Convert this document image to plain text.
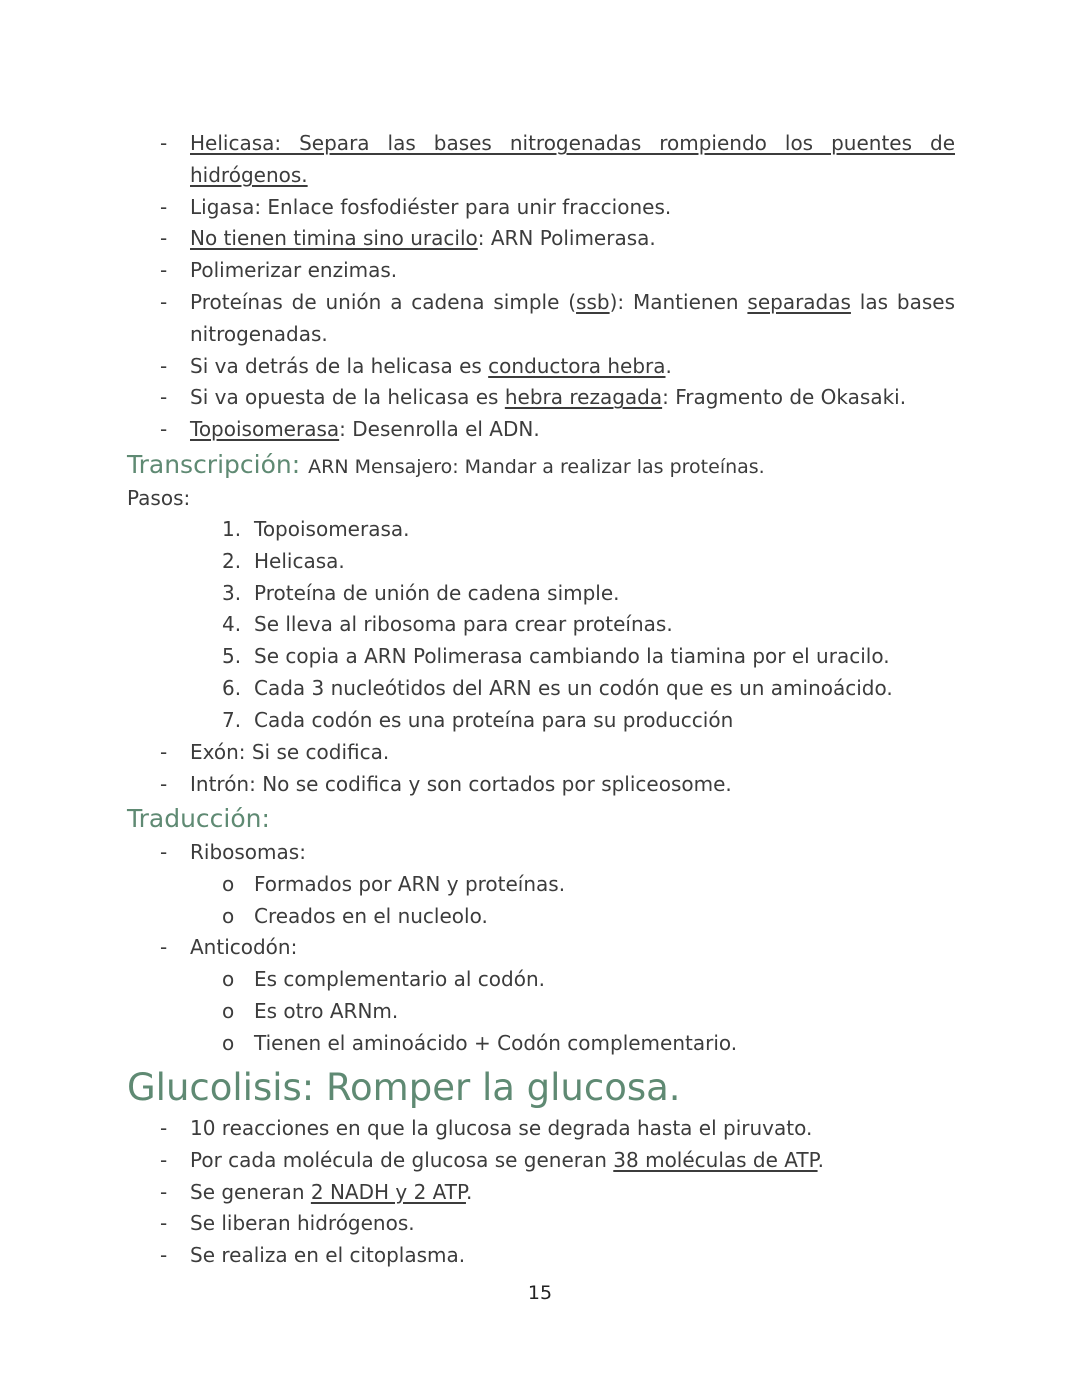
- Helicasa: Separa las bases nitrogenadas rompiendo los puentes de hidrógenos.
- Ligasa: Enlace fosfodiéster para unir fracciones.
- No tienen timina sino uracilo: ARN Polimerasa.
- Polimerizar enzimas.
- Proteínas de unión a cadena simple (ssb): Mantienen separadas las bases nitrogenadas.
- Si va detrás de la helicasa es conductora hebra.
- Si va opuesta de la helicasa es hebra rezagada: Fragmento de Okasaki.
- Topoisomerasa: Desenrolla el ADN.
Transcripción: ARN Mensajero: Mandar a realizar las proteínas.
Pasos:
1. Topoisomerasa.
2. Helicasa.
3. Proteína de unión de cadena simple.
4. Se lleva al ribosoma para crear proteínas.
5. Se copia a ARN Polimerasa cambiando la tiamina por el uracilo.
6. Cada 3 nucleótidos del ARN es un codón que es un aminoácido.
7. Cada codón es una proteína para su producción
- Exón: Si se codifica.
- Intrón: No se codifica y son cortados por spliceosome.
Traducción:
- Ribosomas:
o Formados por ARN y proteínas.
o Creados en el nucleolo.
- Anticodón:
o Es complementario al codón.
o Es otro ARNm.
o Tienen el aminoácido + Codón complementario.
Glucolisis: Romper la glucosa.
- 10 reacciones en que la glucosa se degrada hasta el piruvato.
- Por cada molécula de glucosa se generan 38 moléculas de ATP.
- Se generan 2 NADH y 2 ATP.
- Se liberan hidrógenos.
- Se realiza en el citoplasma.
15
